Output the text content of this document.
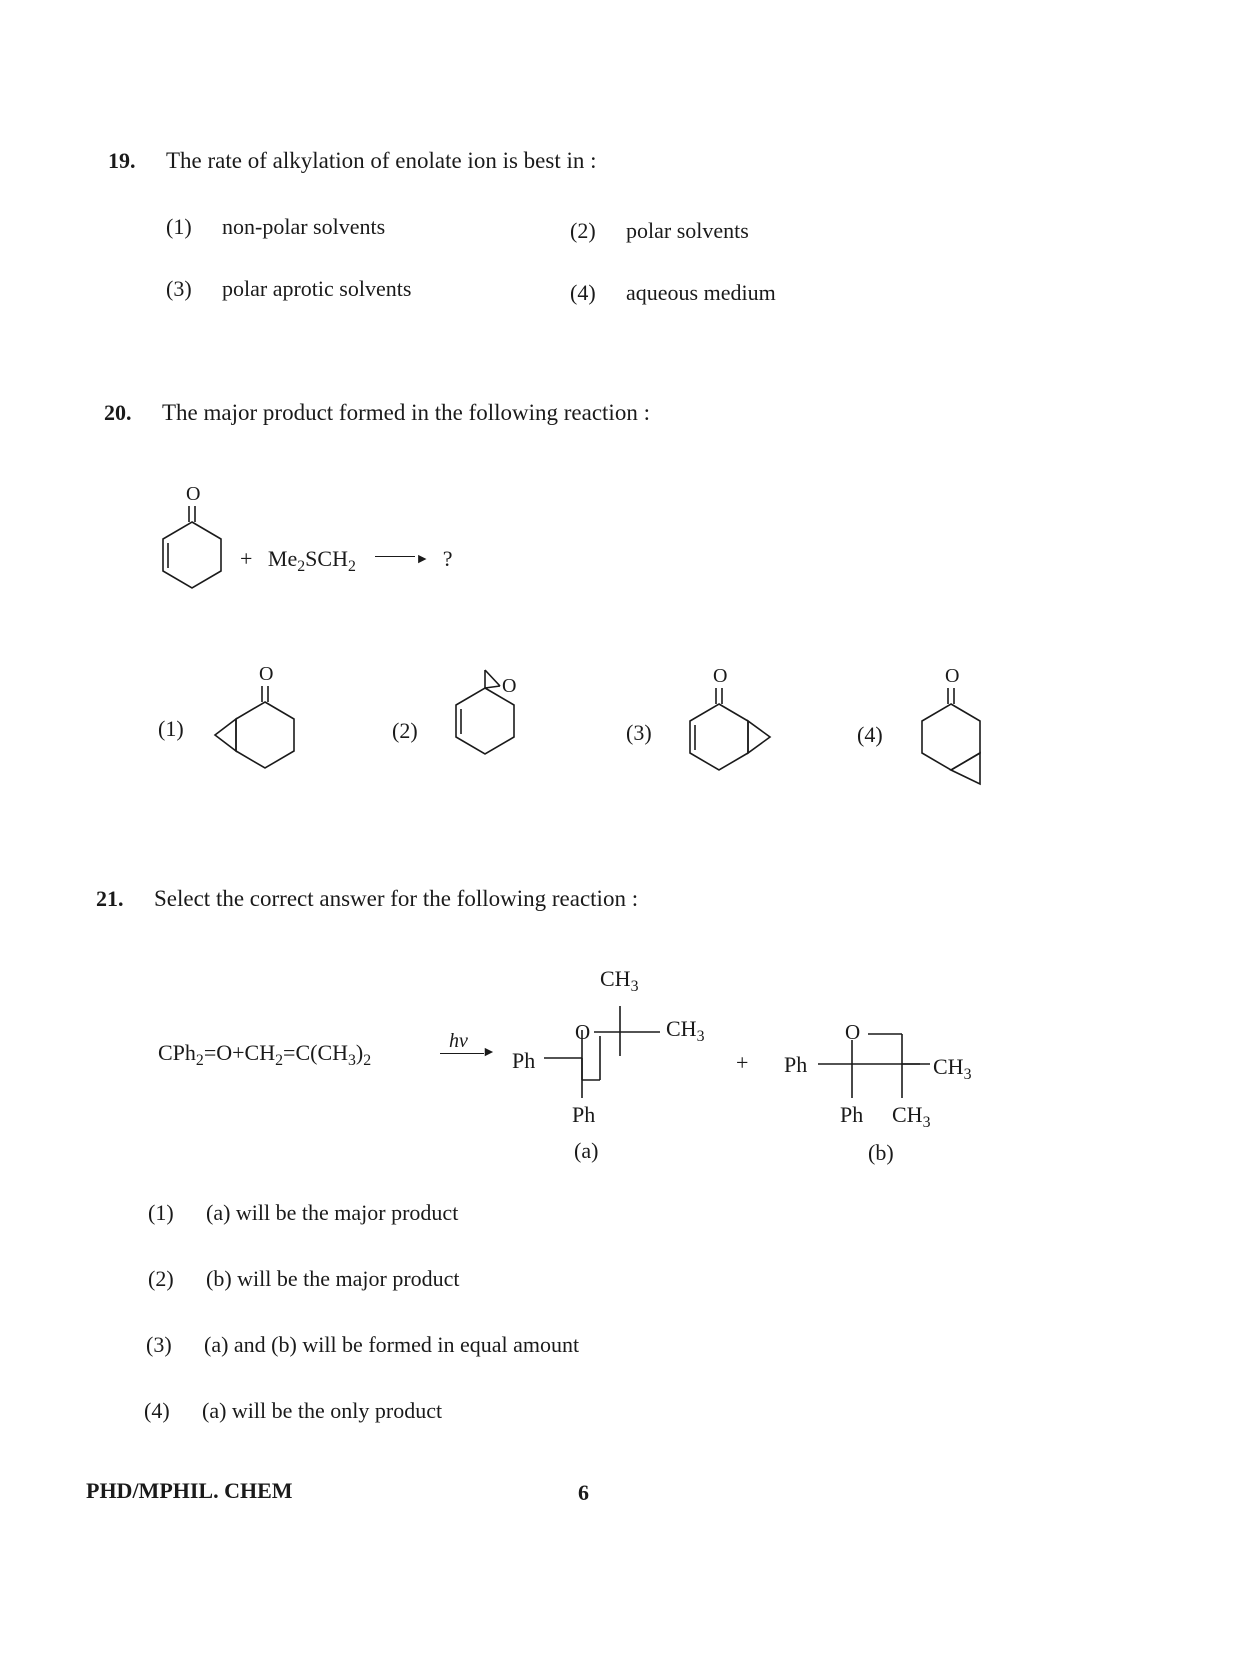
19. The rate of alkylation of enolate ion is best in :
(1) non-polar solvents	(2) polar solvents
(3) polar aprotic solvents	(4) aqueous medium
20. The major product formed in the following reaction :
O
O
O	O	O
+ $Me_2SCH_2$	► ?
(1)	(2)	(3)	(4)
21. Select the correct answer for the following reaction :
$CPh_2=O+CH_2=C(CH_3)_2$
hν
► Ph
O
$CH_3$
$CH_3$
Ph
(a)
+ Ph
O
$CH_3$
Ph $CH_3$
(b)
(1) (a) will be the major product
(2) (b) will be the major product
(3) (a) and (b) will be formed in equal amount
(4) (a) will be the only product
PHD/MPHIL. CHEM	6
